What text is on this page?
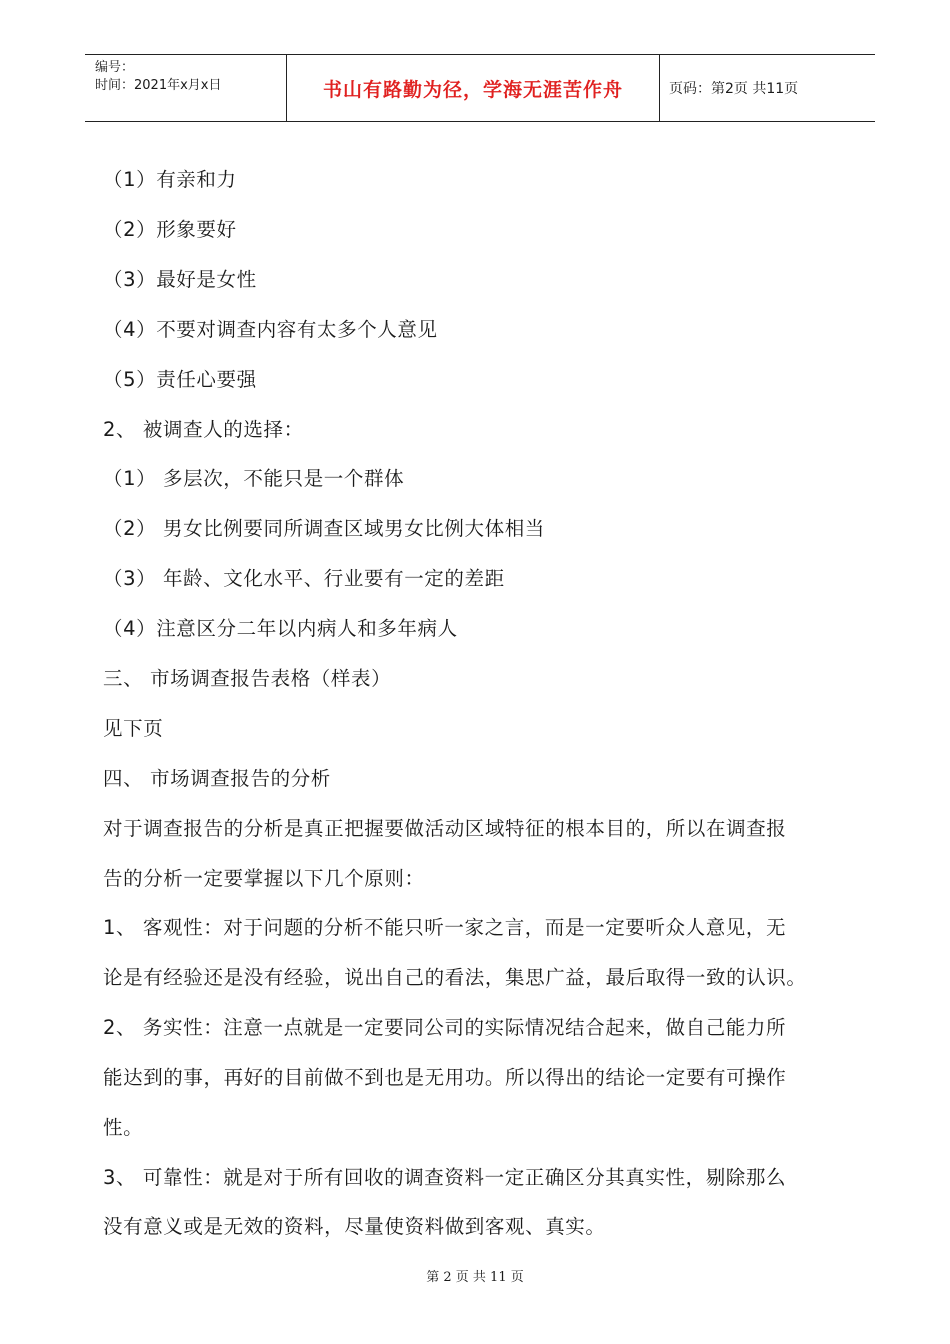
编号：
时间：2021年x月x日	书山有路勤为径，学海无涯苦作舟	页码：第2页 共11页
（1）有亲和力
（2）形象要好
（3）最好是女性
（4）不要对调查内容有太多个人意见
（5）责任心要强
2、 被调查人的选择：
（1） 多层次，不能只是一个群体
（2） 男女比例要同所调查区域男女比例大体相当
（3） 年龄、文化水平、行业要有一定的差距
（4）注意区分二年以内病人和多年病人
三、 市场调查报告表格（样表）
见下页
四、 市场调查报告的分析
对于调查报告的分析是真正把握要做活动区域特征的根本目的，所以在调查报
告的分析一定要掌握以下几个原则：
1、 客观性：对于问题的分析不能只听一家之言，而是一定要听众人意见，无
论是有经验还是没有经验，说出自己的看法，集思广益，最后取得一致的认识。
2、 务实性：注意一点就是一定要同公司的实际情况结合起来，做自己能力所
能达到的事，再好的目前做不到也是无用功。所以得出的结论一定要有可操作
性。
3、 可靠性：就是对于所有回收的调查资料一定正确区分其真实性，剔除那么
没有意义或是无效的资料，尽量使资料做到客观、真实。
第 2 页 共 11 页
